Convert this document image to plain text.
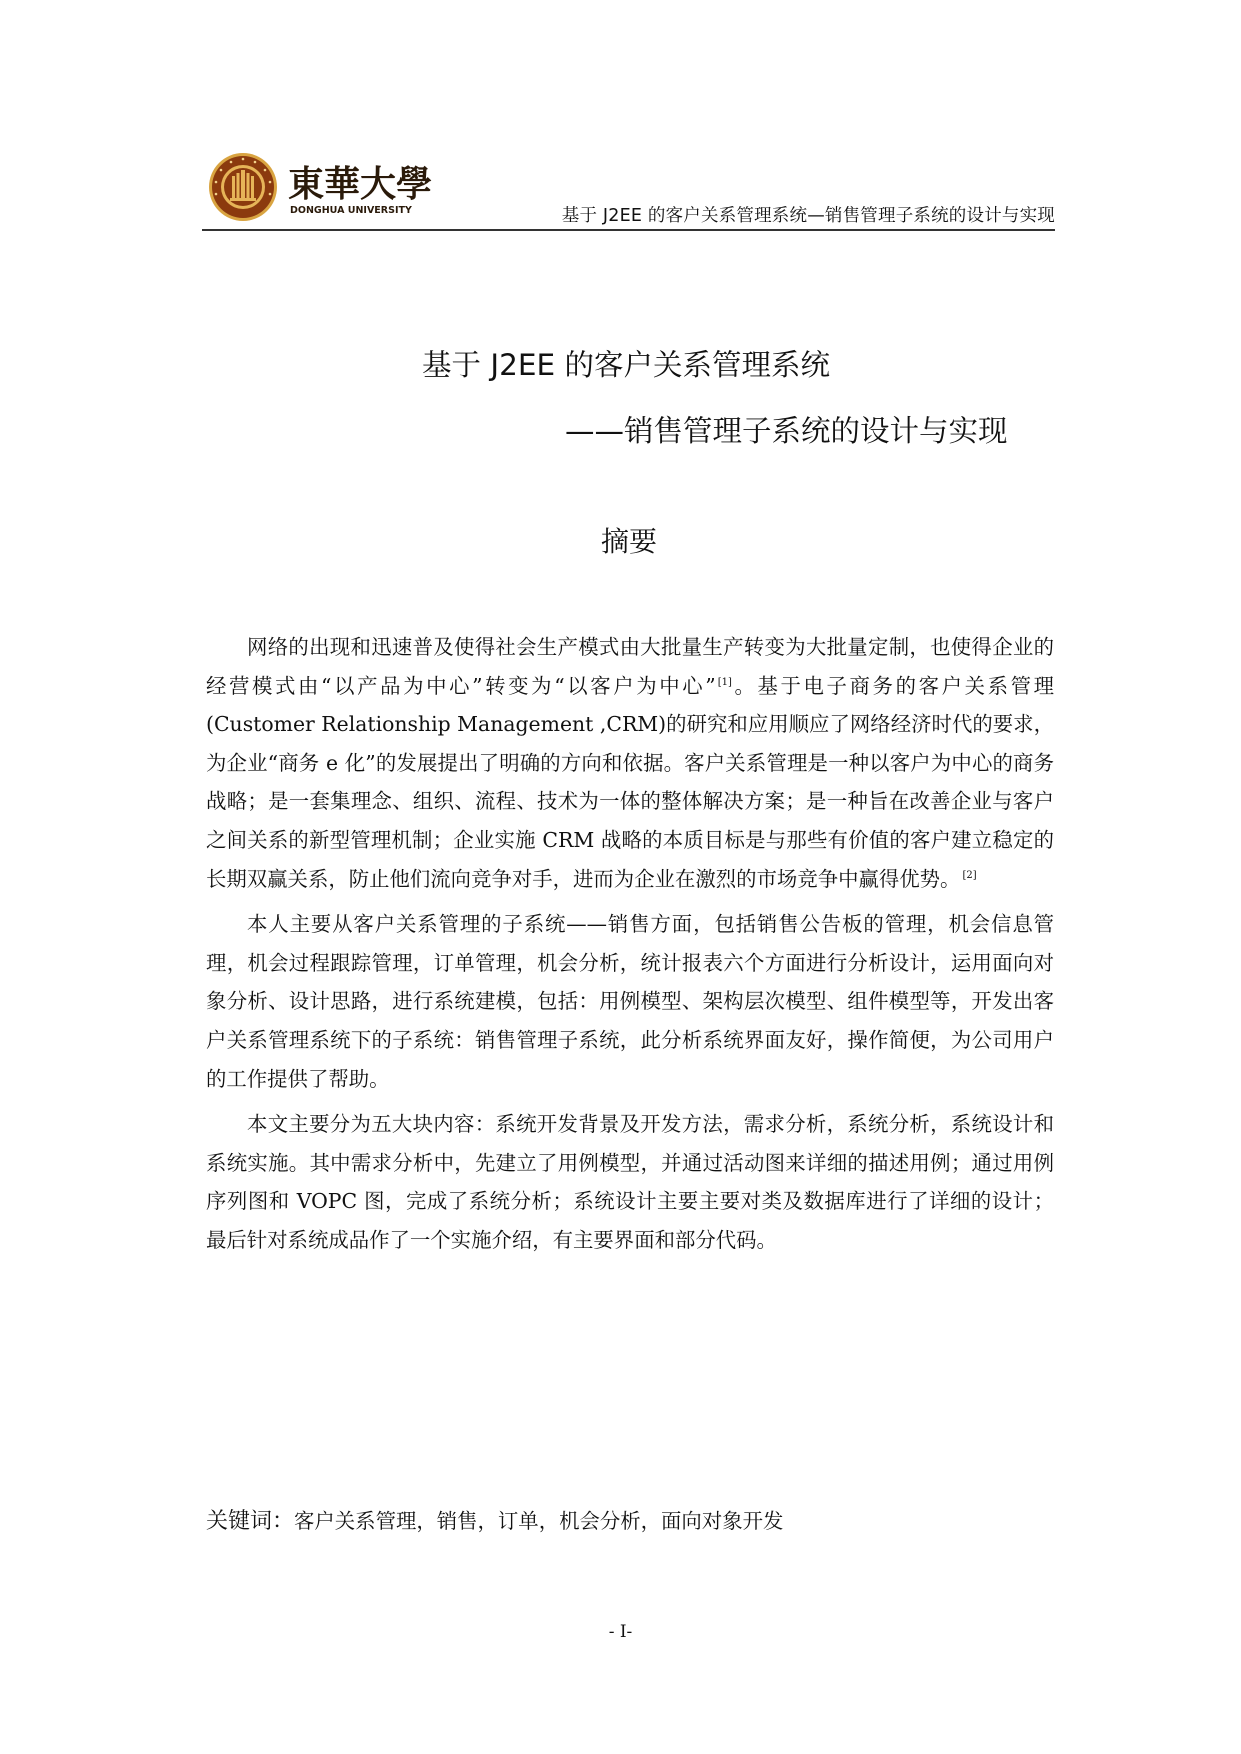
東華大學
DONGHUA UNIVERSITY	基于 J2EE 的客户关系管理系统—销售管理子系统的设计与实现
基于 J2EE 的客户关系管理系统
——销售管理子系统的设计与实现
摘要

网络的出现和迅速普及使得社会生产模式由大批量生产转变为大批量定制，也使得企业的经营模式由“以产品为中心”转变为“以客户为中心” [1]。基于电子商务的客户关系管理(Customer Relationship Management ,CRM)的研究和应用顺应了网络经济时代的要求，为企业“商务 e 化”的发展提出了明确的方向和依据。客户关系管理是一种以客户为中心的商务战略；是一套集理念、组织、流程、技术为一体的整体解决方案；是一种旨在改善企业与客户之间关系的新型管理机制；企业实施 CRM 战略的本质目标是与那些有价值的客户建立稳定的长期双赢关系，防止他们流向竞争对手，进而为企业在激烈的市场竞争中赢得优势。 [2]

本人主要从客户关系管理的子系统——销售方面，包括销售公告板的管理，机会信息管理，机会过程跟踪管理，订单管理，机会分析，统计报表六个方面进行分析设计，运用面向对象分析、设计思路，进行系统建模，包括：用例模型、架构层次模型、组件模型等，开发出客户关系管理系统下的子系统：销售管理子系统，此分析系统界面友好，操作简便，为公司用户的工作提供了帮助。

本文主要分为五大块内容：系统开发背景及开发方法，需求分析，系统分析，系统设计和系统实施。其中需求分析中，先建立了用例模型，并通过活动图来详细的描述用例；通过用例序列图和 VOPC 图，完成了系统分析；系统设计主要主要对类及数据库进行了详细的设计；最后针对系统成品作了一个实施介绍，有主要界面和部分代码。

关键词：客户关系管理，销售，订单，机会分析，面向对象开发
- I-
